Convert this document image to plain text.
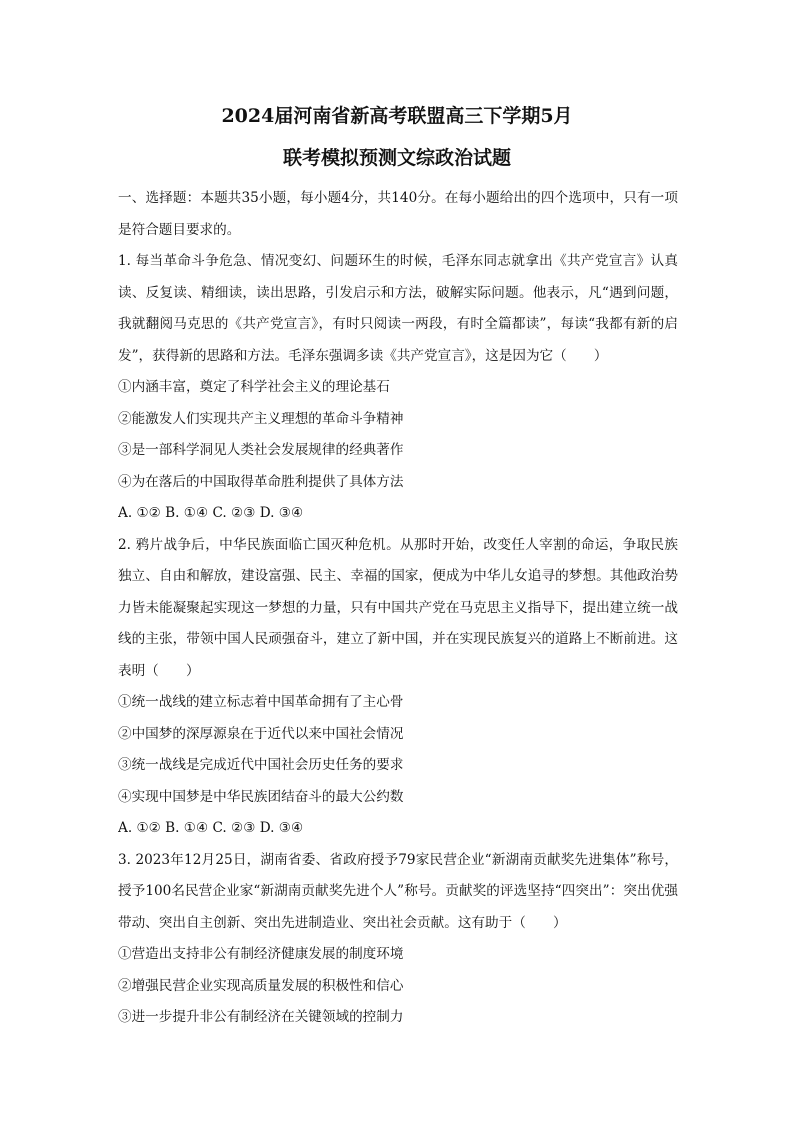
2024届河南省新高考联盟高三下学期5月
联考模拟预测文综政治试题

一、选择题：本题共35小题，每小题4分，共140分。在每小题给出的四个选项中，只有一项是符合题目要求的。

1. 每当革命斗争危急、情况变幻、问题环生的时候，毛泽东同志就拿出《共产党宣言》认真读、反复读、精细读，读出思路，引发启示和方法，破解实际问题。他表示，凡“遇到问题，我就翻阅马克思的《共产党宣言》，有时只阅读一两段，有时全篇都读”，每读“我都有新的启发”，获得新的思路和方法。毛泽东强调多读《共产党宣言》，这是因为它（　　）

①内涵丰富，奠定了科学社会主义的理论基石

②能激发人们实现共产主义理想的革命斗争精神

③是一部科学洞见人类社会发展规律的经典著作

④为在落后的中国取得革命胜利提供了具体方法

A. ①② B. ①④ C. ②③ D. ③④

2. 鸦片战争后，中华民族面临亡国灭种危机。从那时开始，改变任人宰割的命运，争取民族独立、自由和解放，建设富强、民主、幸福的国家，便成为中华儿女追寻的梦想。其他政治势力皆未能凝聚起实现这一梦想的力量，只有中国共产党在马克思主义指导下，提出建立统一战线的主张，带领中国人民顽强奋斗，建立了新中国，并在实现民族复兴的道路上不断前进。这表明（　　）

①统一战线的建立标志着中国革命拥有了主心骨

②中国梦的深厚源泉在于近代以来中国社会情况

③统一战线是完成近代中国社会历史任务的要求

④实现中国梦是中华民族团结奋斗的最大公约数

A. ①② B. ①④ C. ②③ D. ③④

3. 2023年12月25日，湖南省委、省政府授予79家民营企业“新湖南贡献奖先进集体”称号，授予100名民营企业家“新湖南贡献奖先进个人”称号。贡献奖的评选坚持“四突出”：突出优强带动、突出自主创新、突出先进制造业、突出社会贡献。这有助于（　　）

①营造出支持非公有制经济健康发展的制度环境

②增强民营企业实现高质量发展的积极性和信心

③进一步提升非公有制经济在关键领域的控制力
